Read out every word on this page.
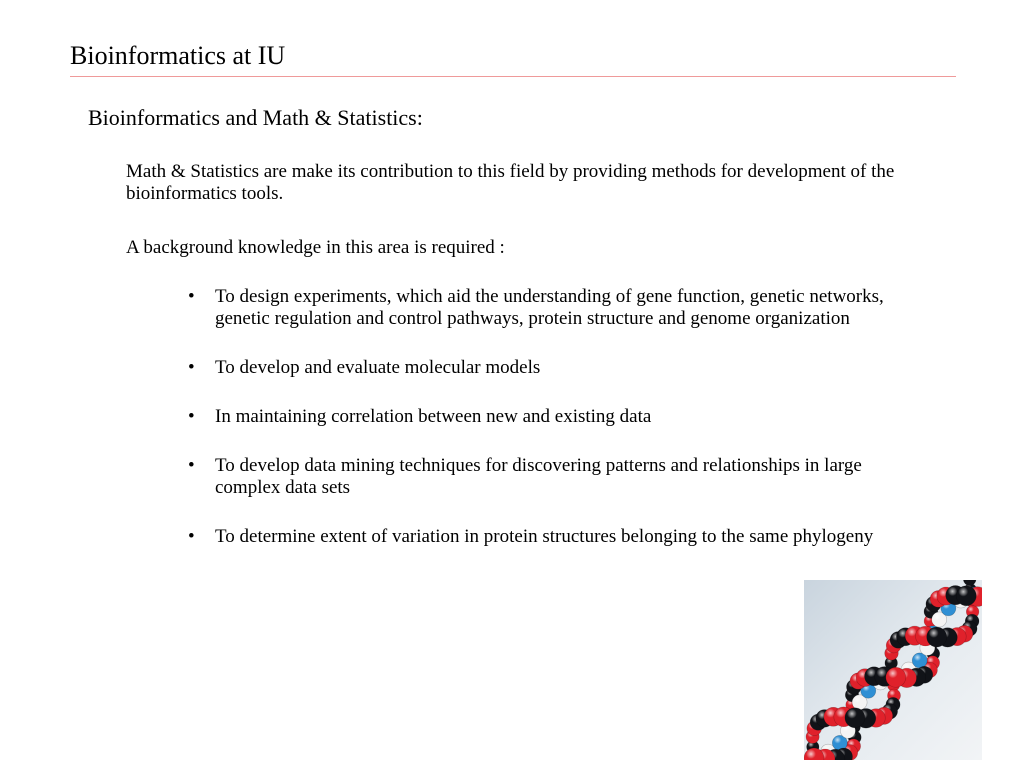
Bioinformatics at IU
Bioinformatics and Math & Statistics:

Math & Statistics are make its contribution to this field by providing methods for development of the bioinformatics tools.

A background knowledge in this area is required :

• To design experiments, which aid the understanding of gene function, genetic networks, genetic regulation and control pathways, protein structure and genome organization
• To develop and evaluate molecular models
• In maintaining correlation between new and existing data
• To develop data mining techniques for discovering patterns and relationships in large complex data sets
• To determine extent of variation in protein structures belonging to the same phylogeny
